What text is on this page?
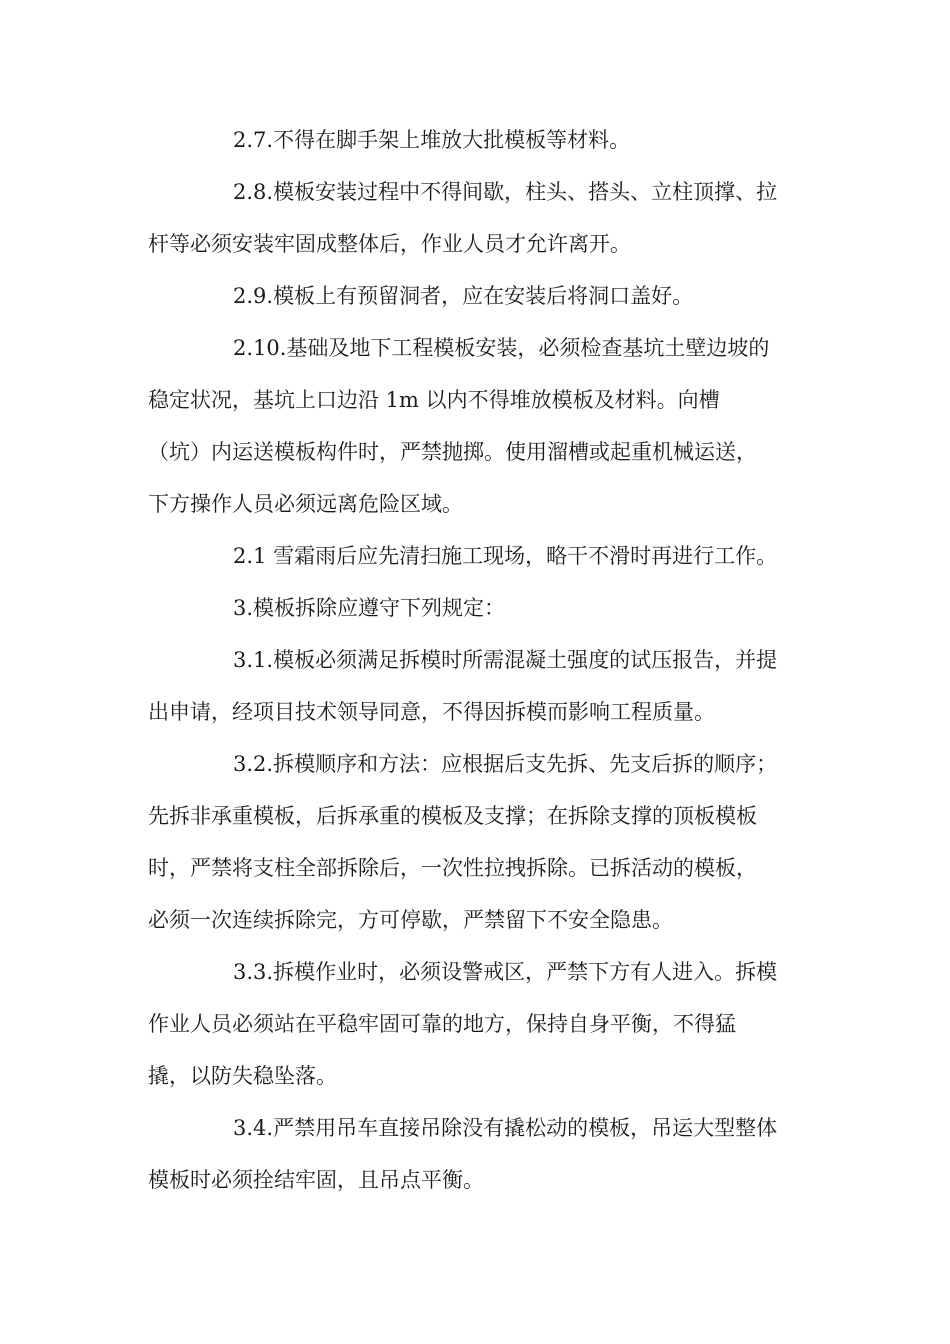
2.7.不得在脚手架上堆放大批模板等材料。
2.8.模板安装过程中不得间歇，柱头、搭头、立柱顶撑、拉
杆等必须安装牢固成整体后，作业人员才允许离开。
2.9.模板上有预留洞者，应在安装后将洞口盖好。
2.10.基础及地下工程模板安装，必须检查基坑土壁边坡的
稳定状况，基坑上口边沿 1m 以内不得堆放模板及材料。向槽
（坑）内运送模板构件时，严禁抛掷。使用溜槽或起重机械运送，
下方操作人员必须远离危险区域。
2.1 雪霜雨后应先清扫施工现场，略干不滑时再进行工作。
3.模板拆除应遵守下列规定：
3.1.模板必须满足拆模时所需混凝土强度的试压报告，并提
出申请，经项目技术领导同意，不得因拆模而影响工程质量。
3.2.拆模顺序和方法：应根据后支先拆、先支后拆的顺序；
先拆非承重模板，后拆承重的模板及支撑；在拆除支撑的顶板模板
时，严禁将支柱全部拆除后，一次性拉拽拆除。已拆活动的模板，
必须一次连续拆除完，方可停歇，严禁留下不安全隐患。
3.3.拆模作业时，必须设警戒区，严禁下方有人进入。拆模
作业人员必须站在平稳牢固可靠的地方，保持自身平衡，不得猛
撬，以防失稳坠落。
3.4.严禁用吊车直接吊除没有撬松动的模板，吊运大型整体
模板时必须拴结牢固，且吊点平衡。
